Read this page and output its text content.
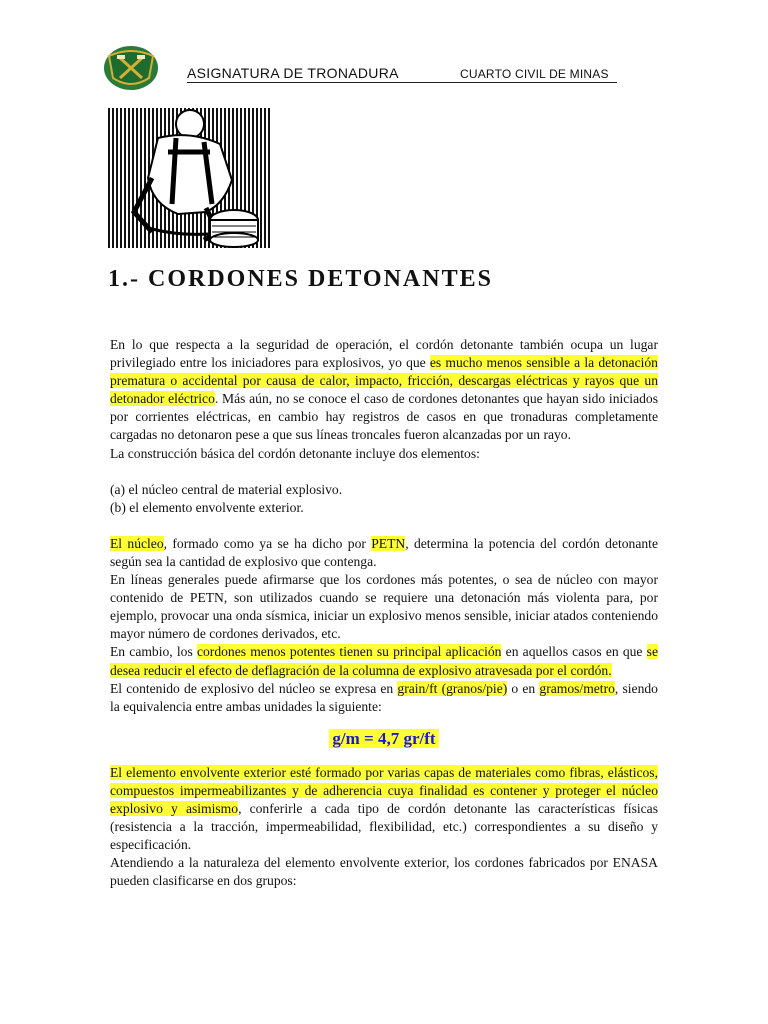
ASIGNATURA DE TRONADURA	CUARTO CIVIL DE MINAS
1.- CORDONES DETONANTES

En lo que respecta a la seguridad de operación, el cordón detonante también ocupa un lugar privilegiado entre los iniciadores para explosivos, yo que es mucho menos sensible a la detonación prematura o accidental por causa de calor, impacto, fricción, descargas eléctricas y rayos que un detonador eléctrico. Más aún, no se conoce el caso de cordones detonantes que hayan sido iniciados por corrientes eléctricas, en cambio hay registros de casos en que tronaduras completamente cargadas no detonaron pese a que sus líneas troncales fueron alcanzadas por un rayo.

La construcción básica del cordón detonante incluye dos elementos:

(a) el núcleo central de material explosivo.

(b) el elemento envolvente exterior.

El núcleo, formado como ya se ha dicho por PETN, determina la potencia del cordón detonante según sea la cantidad de explosivo que contenga.

En líneas generales puede afirmarse que los cordones más potentes, o sea de núcleo con mayor contenido de PETN, son utilizados cuando se requiere una detonación más violenta para, por ejemplo, provocar una onda sísmica, iniciar un explosivo menos sensible, iniciar atados conteniendo mayor número de cordones derivados, etc.

En cambio, los cordones menos potentes tienen su principal aplicación en aquellos casos en que se desea reducir el efecto de deflagración de la columna de explosivo atravesada por el cordón.

El contenido de explosivo del núcleo se expresa en grain/ft (granos/pie) o en gramos/metro, siendo la equivalencia entre ambas unidades la siguiente:

g/m = 4,7 gr/ft

El elemento envolvente exterior esté formado por varias capas de materiales como fibras, elásticos, compuestos impermeabilizantes y de adherencia cuya finalidad es contener y proteger el núcleo explosivo y asimismo, conferirle a cada tipo de cordón detonante las características físicas (resistencia a la tracción, impermeabilidad, flexibilidad, etc.) correspondientes a su diseño y especificación.

Atendiendo a la naturaleza del elemento envolvente exterior, los cordones fabricados por ENASA pueden clasificarse en dos grupos:
